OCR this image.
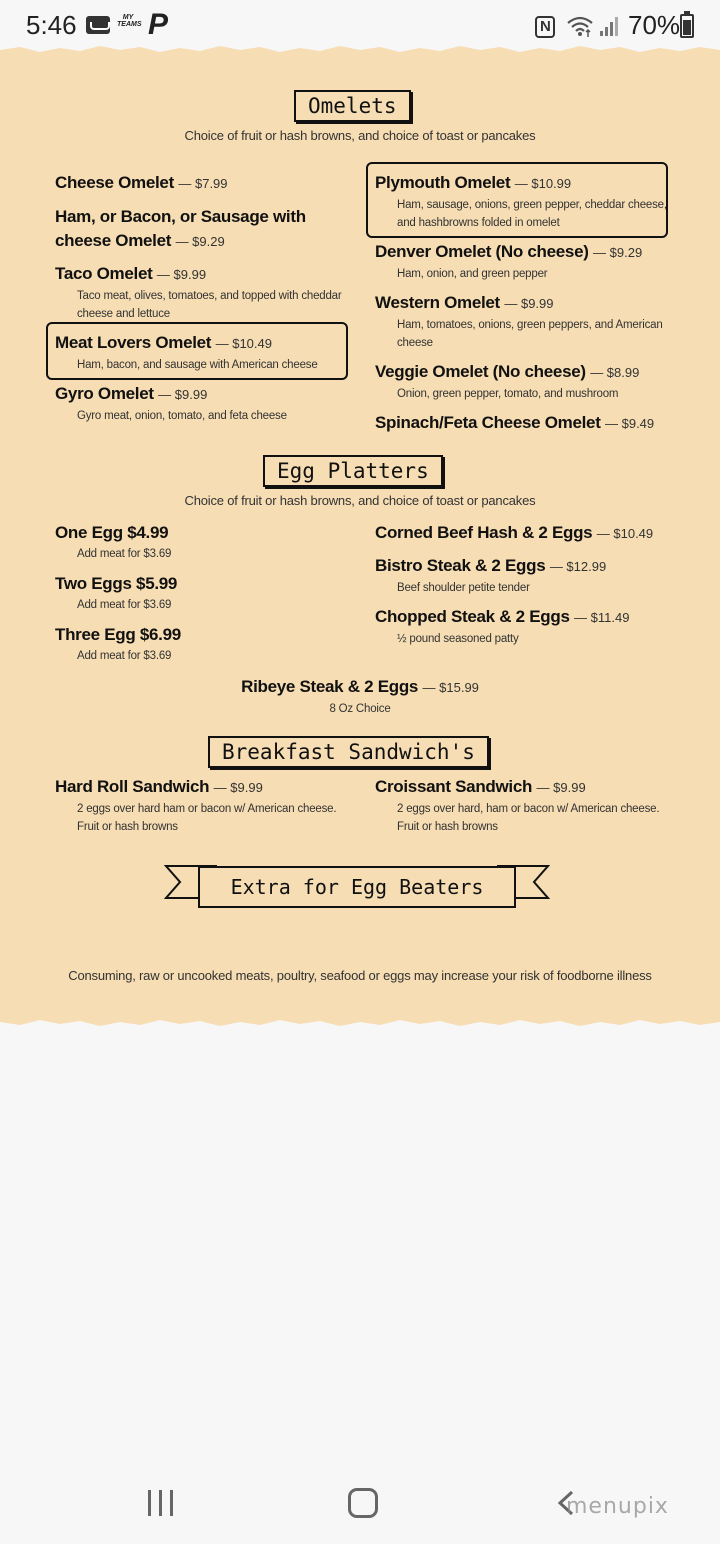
5:46	MY TEAMS P
N	70%
Omelets
Choice of fruit or hash browns, and choice of toast or pancakes
Cheese Omelet — $7.99
Ham, or Bacon, or Sausage with
cheese Omelet — $9.29
Taco Omelet — $9.99
Taco meat, olives, tomatoes, and topped with cheddar
cheese and lettuce
Meat Lovers Omelet — $10.49
Ham, bacon, and sausage with American cheese
Gyro Omelet — $9.99
Gyro meat, onion, tomato, and feta cheese
Plymouth Omelet — $10.99
Ham, sausage, onions, green pepper, cheddar cheese,
and hashbrowns folded in omelet
Denver Omelet (No cheese) — $9.29
Ham, onion, and green pepper
Western Omelet — $9.99
Ham, tomatoes, onions, green peppers, and American
cheese
Veggie Omelet (No cheese) — $8.99
Onion, green pepper, tomato, and mushroom
Spinach/Feta Cheese Omelet — $9.49
Egg Platters
Choice of fruit or hash browns, and choice of toast or pancakes
One Egg $4.99
Add meat for $3.69
Two Eggs $5.99
Add meat for $3.69
Three Egg $6.99
Add meat for $3.69
Corned Beef Hash & 2 Eggs — $10.49
Bistro Steak & 2 Eggs — $12.99
Beef shoulder petite tender
Chopped Steak & 2 Eggs — $11.49
½ pound seasoned patty
Ribeye Steak & 2 Eggs — $15.99
8 Oz Choice
Breakfast Sandwich's
Hard Roll Sandwich — $9.99
2 eggs over hard ham or bacon w/ American cheese.
Fruit or hash browns
Croissant Sandwich — $9.99
2 eggs over hard, ham or bacon w/ American cheese.
Fruit or hash browns
Extra for Egg Beaters
Consuming, raw or uncooked meats, poultry, seafood or eggs may increase your risk of foodborne illness
menupix
